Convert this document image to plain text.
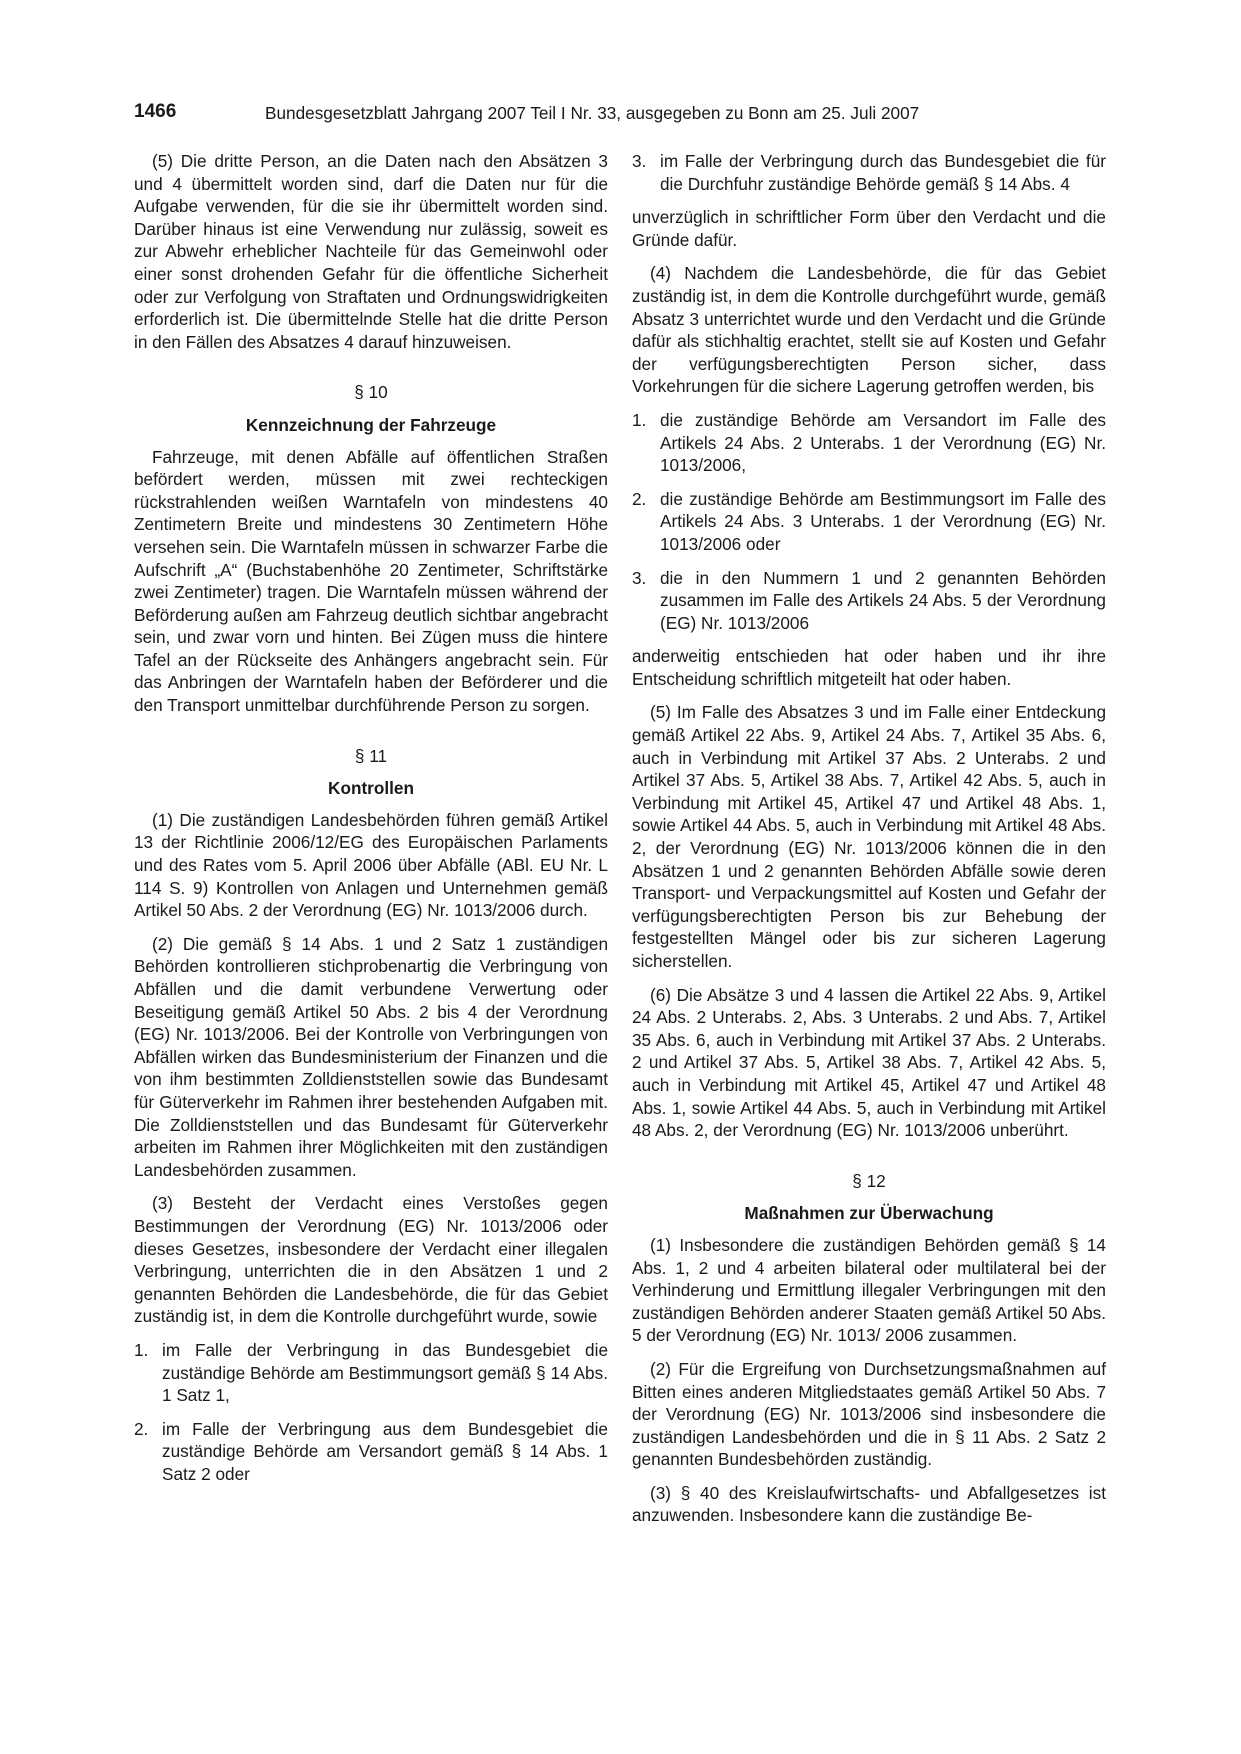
1466	Bundesgesetzblatt Jahrgang 2007 Teil I Nr. 33, ausgegeben zu Bonn am 25. Juli 2007

(5) Die dritte Person, an die Daten nach den Absätzen 3 und 4 übermittelt worden sind, darf die Daten nur für die Aufgabe verwenden, für die sie ihr übermittelt worden sind. Darüber hinaus ist eine Verwendung nur zulässig, soweit es zur Abwehr erheblicher Nachteile für das Gemeinwohl oder einer sonst drohenden Gefahr für die öffentliche Sicherheit oder zur Verfolgung von Straftaten und Ordnungswidrigkeiten erforderlich ist. Die übermittelnde Stelle hat die dritte Person in den Fällen des Absatzes 4 darauf hinzuweisen.

§ 10
Kennzeichnung der Fahrzeuge

Fahrzeuge, mit denen Abfälle auf öffentlichen Straßen befördert werden, müssen mit zwei rechteckigen rückstrahlenden weißen Warntafeln von mindestens 40 Zentimetern Breite und mindestens 30 Zentimetern Höhe versehen sein. Die Warntafeln müssen in schwarzer Farbe die Aufschrift „A“ (Buchstabenhöhe 20 Zentimeter, Schriftstärke zwei Zentimeter) tragen. Die Warntafeln müssen während der Beförderung außen am Fahrzeug deutlich sichtbar angebracht sein, und zwar vorn und hinten. Bei Zügen muss die hintere Tafel an der Rückseite des Anhängers angebracht sein. Für das Anbringen der Warntafeln haben der Beförderer und die den Transport unmittelbar durchführende Person zu sorgen.

§ 11
Kontrollen

(1) Die zuständigen Landesbehörden führen gemäß Artikel 13 der Richtlinie 2006/12/EG des Europäischen Parlaments und des Rates vom 5. April 2006 über Abfälle (ABl. EU Nr. L 114 S. 9) Kontrollen von Anlagen und Unternehmen gemäß Artikel 50 Abs. 2 der Verordnung (EG) Nr. 1013/2006 durch.

(2) Die gemäß § 14 Abs. 1 und 2 Satz 1 zuständigen Behörden kontrollieren stichprobenartig die Verbringung von Abfällen und die damit verbundene Verwertung oder Beseitigung gemäß Artikel 50 Abs. 2 bis 4 der Verordnung (EG) Nr. 1013/2006. Bei der Kontrolle von Verbringungen von Abfällen wirken das Bundesministerium der Finanzen und die von ihm bestimmten Zolldienststellen sowie das Bundesamt für Güterverkehr im Rahmen ihrer bestehenden Aufgaben mit. Die Zolldienststellen und das Bundesamt für Güterverkehr arbeiten im Rahmen ihrer Möglichkeiten mit den zuständigen Landesbehörden zusammen.

(3) Besteht der Verdacht eines Verstoßes gegen Bestimmungen der Verordnung (EG) Nr. 1013/2006 oder dieses Gesetzes, insbesondere der Verdacht einer illegalen Verbringung, unterrichten die in den Absätzen 1 und 2 genannten Behörden die Landesbehörde, die für das Gebiet zuständig ist, in dem die Kontrolle durchgeführt wurde, sowie

1. im Falle der Verbringung in das Bundesgebiet die zuständige Behörde am Bestimmungsort gemäß § 14 Abs. 1 Satz 1,
2. im Falle der Verbringung aus dem Bundesgebiet die zuständige Behörde am Versandort gemäß § 14 Abs. 1 Satz 2 oder
3. im Falle der Verbringung durch das Bundesgebiet die für die Durchfuhr zuständige Behörde gemäß § 14 Abs. 4

unverzüglich in schriftlicher Form über den Verdacht und die Gründe dafür.

(4) Nachdem die Landesbehörde, die für das Gebiet zuständig ist, in dem die Kontrolle durchgeführt wurde, gemäß Absatz 3 unterrichtet wurde und den Verdacht und die Gründe dafür als stichhaltig erachtet, stellt sie auf Kosten und Gefahr der verfügungsberechtigten Person sicher, dass Vorkehrungen für die sichere Lagerung getroffen werden, bis

1. die zuständige Behörde am Versandort im Falle des Artikels 24 Abs. 2 Unterabs. 1 der Verordnung (EG) Nr. 1013/2006,
2. die zuständige Behörde am Bestimmungsort im Falle des Artikels 24 Abs. 3 Unterabs. 1 der Verordnung (EG) Nr. 1013/2006 oder
3. die in den Nummern 1 und 2 genannten Behörden zusammen im Falle des Artikels 24 Abs. 5 der Verordnung (EG) Nr. 1013/2006

anderweitig entschieden hat oder haben und ihr ihre Entscheidung schriftlich mitgeteilt hat oder haben.

(5) Im Falle des Absatzes 3 und im Falle einer Entdeckung gemäß Artikel 22 Abs. 9, Artikel 24 Abs. 7, Artikel 35 Abs. 6, auch in Verbindung mit Artikel 37 Abs. 2 Unterabs. 2 und Artikel 37 Abs. 5, Artikel 38 Abs. 7, Artikel 42 Abs. 5, auch in Verbindung mit Artikel 45, Artikel 47 und Artikel 48 Abs. 1, sowie Artikel 44 Abs. 5, auch in Verbindung mit Artikel 48 Abs. 2, der Verordnung (EG) Nr. 1013/2006 können die in den Absätzen 1 und 2 genannten Behörden Abfälle sowie deren Transport- und Verpackungsmittel auf Kosten und Gefahr der verfügungsberechtigten Person bis zur Behebung der festgestellten Mängel oder bis zur sicheren Lagerung sicherstellen.

(6) Die Absätze 3 und 4 lassen die Artikel 22 Abs. 9, Artikel 24 Abs. 2 Unterabs. 2, Abs. 3 Unterabs. 2 und Abs. 7, Artikel 35 Abs. 6, auch in Verbindung mit Artikel 37 Abs. 2 Unterabs. 2 und Artikel 37 Abs. 5, Artikel 38 Abs. 7, Artikel 42 Abs. 5, auch in Verbindung mit Artikel 45, Artikel 47 und Artikel 48 Abs. 1, sowie Artikel 44 Abs. 5, auch in Verbindung mit Artikel 48 Abs. 2, der Verordnung (EG) Nr. 1013/2006 unberührt.

§ 12
Maßnahmen zur Überwachung

(1) Insbesondere die zuständigen Behörden gemäß § 14 Abs. 1, 2 und 4 arbeiten bilateral oder multilateral bei der Verhinderung und Ermittlung illegaler Verbringungen mit den zuständigen Behörden anderer Staaten gemäß Artikel 50 Abs. 5 der Verordnung (EG) Nr. 1013/ 2006 zusammen.

(2) Für die Ergreifung von Durchsetzungsmaßnahmen auf Bitten eines anderen Mitgliedstaates gemäß Artikel 50 Abs. 7 der Verordnung (EG) Nr. 1013/2006 sind insbesondere die zuständigen Landesbehörden und die in § 11 Abs. 2 Satz 2 genannten Bundesbehörden zuständig.

(3) § 40 des Kreislaufwirtschafts- und Abfallgesetzes ist anzuwenden. Insbesondere kann die zuständige Be-
